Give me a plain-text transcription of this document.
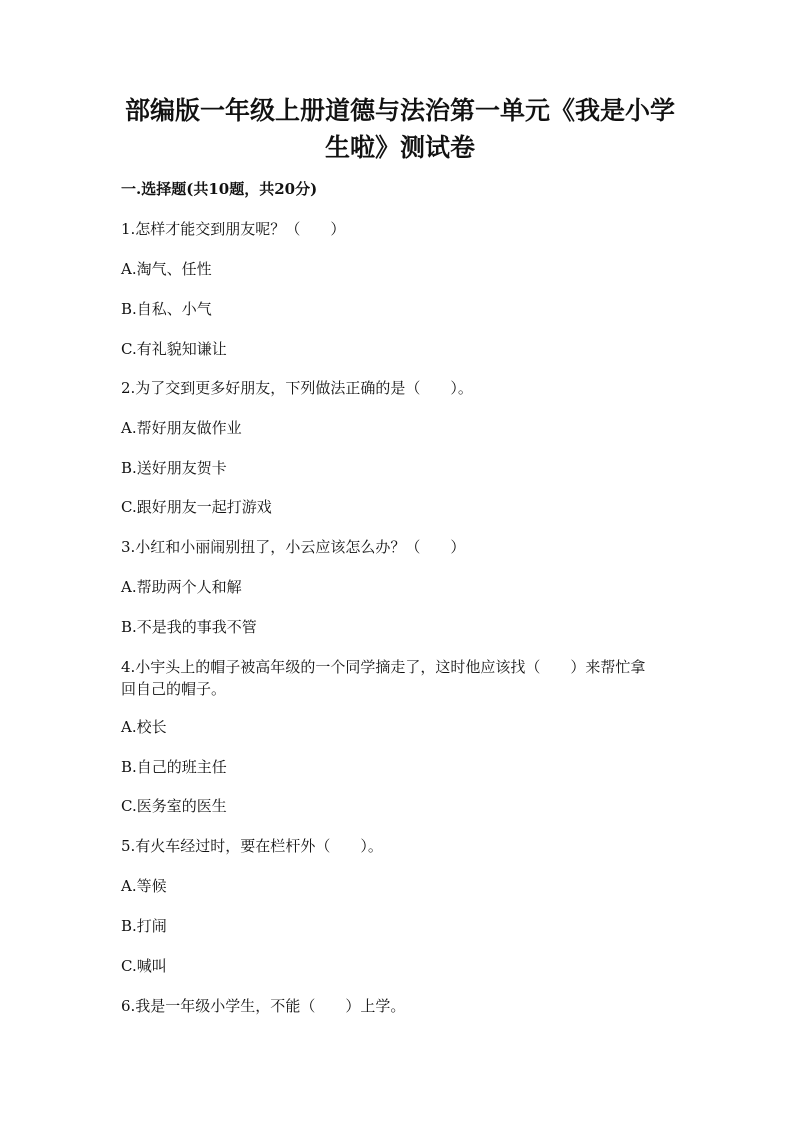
部编版一年级上册道德与法治第一单元《我是小学
生啦》测试卷
一.选择题(共10题，共20分)
1.怎样才能交到朋友呢？（　　）
A.淘气、任性
B.自私、小气
C.有礼貌知谦让
2.为了交到更多好朋友，下列做法正确的是（　　）。
A.帮好朋友做作业
B.送好朋友贺卡
C.跟好朋友一起打游戏
3.小红和小丽闹别扭了，小云应该怎么办？（　　）
A.帮助两个人和解
B.不是我的事我不管
4.小宇头上的帽子被高年级的一个同学摘走了，这时他应该找（　　）来帮忙拿
回自己的帽子。
A.校长
B.自己的班主任
C.医务室的医生
5.有火车经过时，要在栏杆外（　　）。
A.等候
B.打闹
C.喊叫
6.我是一年级小学生，不能（　　）上学。
